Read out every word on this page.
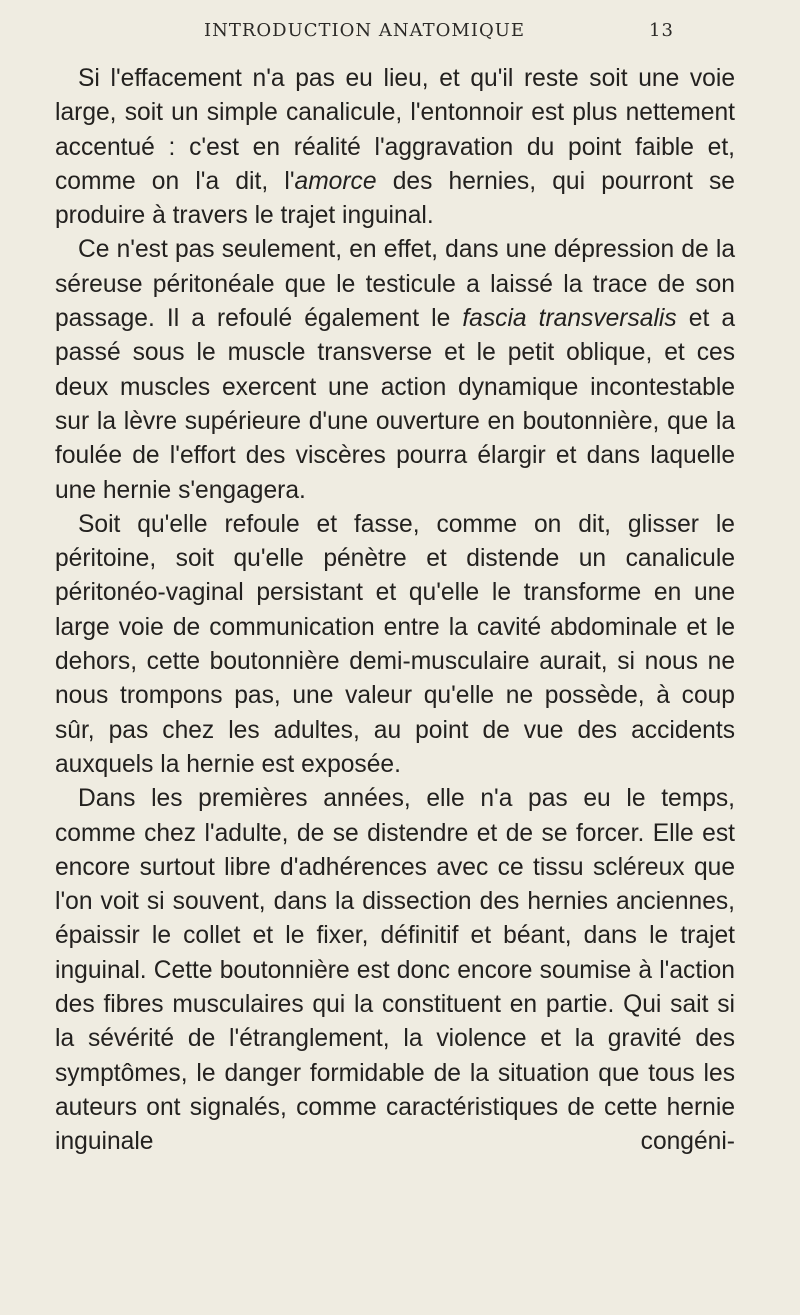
INTRODUCTION ANATOMIQUE	13

Si l'effacement n'a pas eu lieu, et qu'il reste soit une voie large, soit un simple canalicule, l'entonnoir est plus nettement accentué : c'est en réalité l'aggravation du point faible et, comme on l'a dit, l'amorce des hernies, qui pourront se produire à travers le trajet inguinal.

Ce n'est pas seulement, en effet, dans une dépression de la séreuse péritonéale que le testicule a laissé la trace de son passage. Il a refoulé également le fascia transversalis et a passé sous le muscle transverse et le petit oblique, et ces deux muscles exercent une action dynamique incontestable sur la lèvre supérieure d'une ouverture en boutonnière, que la foulée de l'effort des viscères pourra élargir et dans laquelle une hernie s'engagera.

Soit qu'elle refoule et fasse, comme on dit, glisser le péritoine, soit qu'elle pénètre et distende un canalicule péritonéo-vaginal persistant et qu'elle le transforme en une large voie de communication entre la cavité abdominale et le dehors, cette boutonnière demi-musculaire aurait, si nous ne nous trompons pas, une valeur qu'elle ne possède, à coup sûr, pas chez les adultes, au point de vue des accidents auxquels la hernie est exposée.

Dans les premières années, elle n'a pas eu le temps, comme chez l'adulte, de se distendre et de se forcer. Elle est encore surtout libre d'adhérences avec ce tissu scléreux que l'on voit si souvent, dans la dissection des hernies anciennes, épaissir le collet et le fixer, définitif et béant, dans le trajet inguinal. Cette boutonnière est donc encore soumise à l'action des fibres musculaires qui la constituent en partie. Qui sait si la sévérité de l'étranglement, la violence et la gravité des symptômes, le danger formidable de la situation que tous les auteurs ont signalés, comme caractéristiques de cette hernie inguinale congéni-
